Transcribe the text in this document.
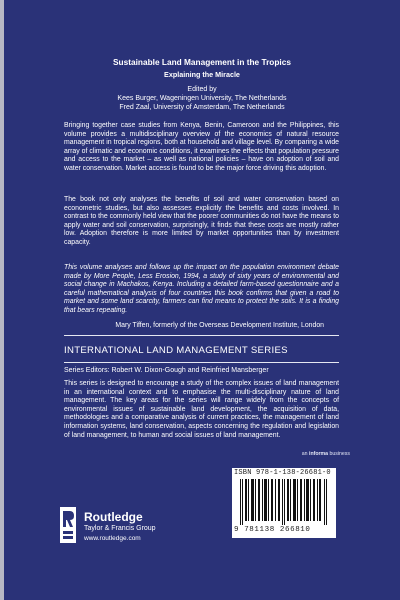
Sustainable Land Management in the Tropics
Explaining the Miracle
Edited by
Kees Burger, Wageningen University, The Netherlands
Fred Zaal, University of Amsterdam, The Netherlands

Bringing together case studies from Kenya, Benin, Cameroon and the Philippines, this volume provides a multidisciplinary overview of the economics of natural resource management in tropical regions, both at household and village level. By comparing a wide array of climatic and economic conditions, it examines the effects that population pressure and access to the market – as well as national policies – have on adoption of soil and water conservation. Market access is found to be the major force driving this adoption.

The book not only analyses the benefits of soil and water conservation based on econometric studies, but also assesses explicitly the benefits and costs involved. In contrast to the commonly held view that the poorer communities do not have the means to apply water and soil conservation, surprisingly, it finds that these costs are mostly rather low. Adoption therefore is more limited by market opportunities than by investment capacity.

This volume analyses and follows up the impact on the population environment debate made by More People, Less Erosion, 1994, a study of sixty years of environmental and social change in Machakos, Kenya. Including a detailed farm-based questionnaire and a careful mathematical analysis of four countries this book confirms that given a road to market and some land scarcity, farmers can find means to protect the soils. It is a finding that bears repeating.

Mary Tiffen, formerly of the Overseas Development Institute, London
INTERNATIONAL LAND MANAGEMENT SERIES
Series Editors: Robert W. Dixon-Gough and Reinfried Mansberger

This series is designed to encourage a study of the complex issues of land management in an international context and to emphasise the multi-disciplinary nature of land management. The key areas for the series will range widely from the concepts of environmental issues of sustainable land development, the acquisition of data, methodologies and a comparative analysis of current practices, the management of land information systems, land conservation, aspects concerning the regulation and legislation of land management, to human and social issues of land management.

an informa business
ISBN 978-1-138-26681-0
9 781138 266810
Routledge
Taylor & Francis Group
www.routledge.com
